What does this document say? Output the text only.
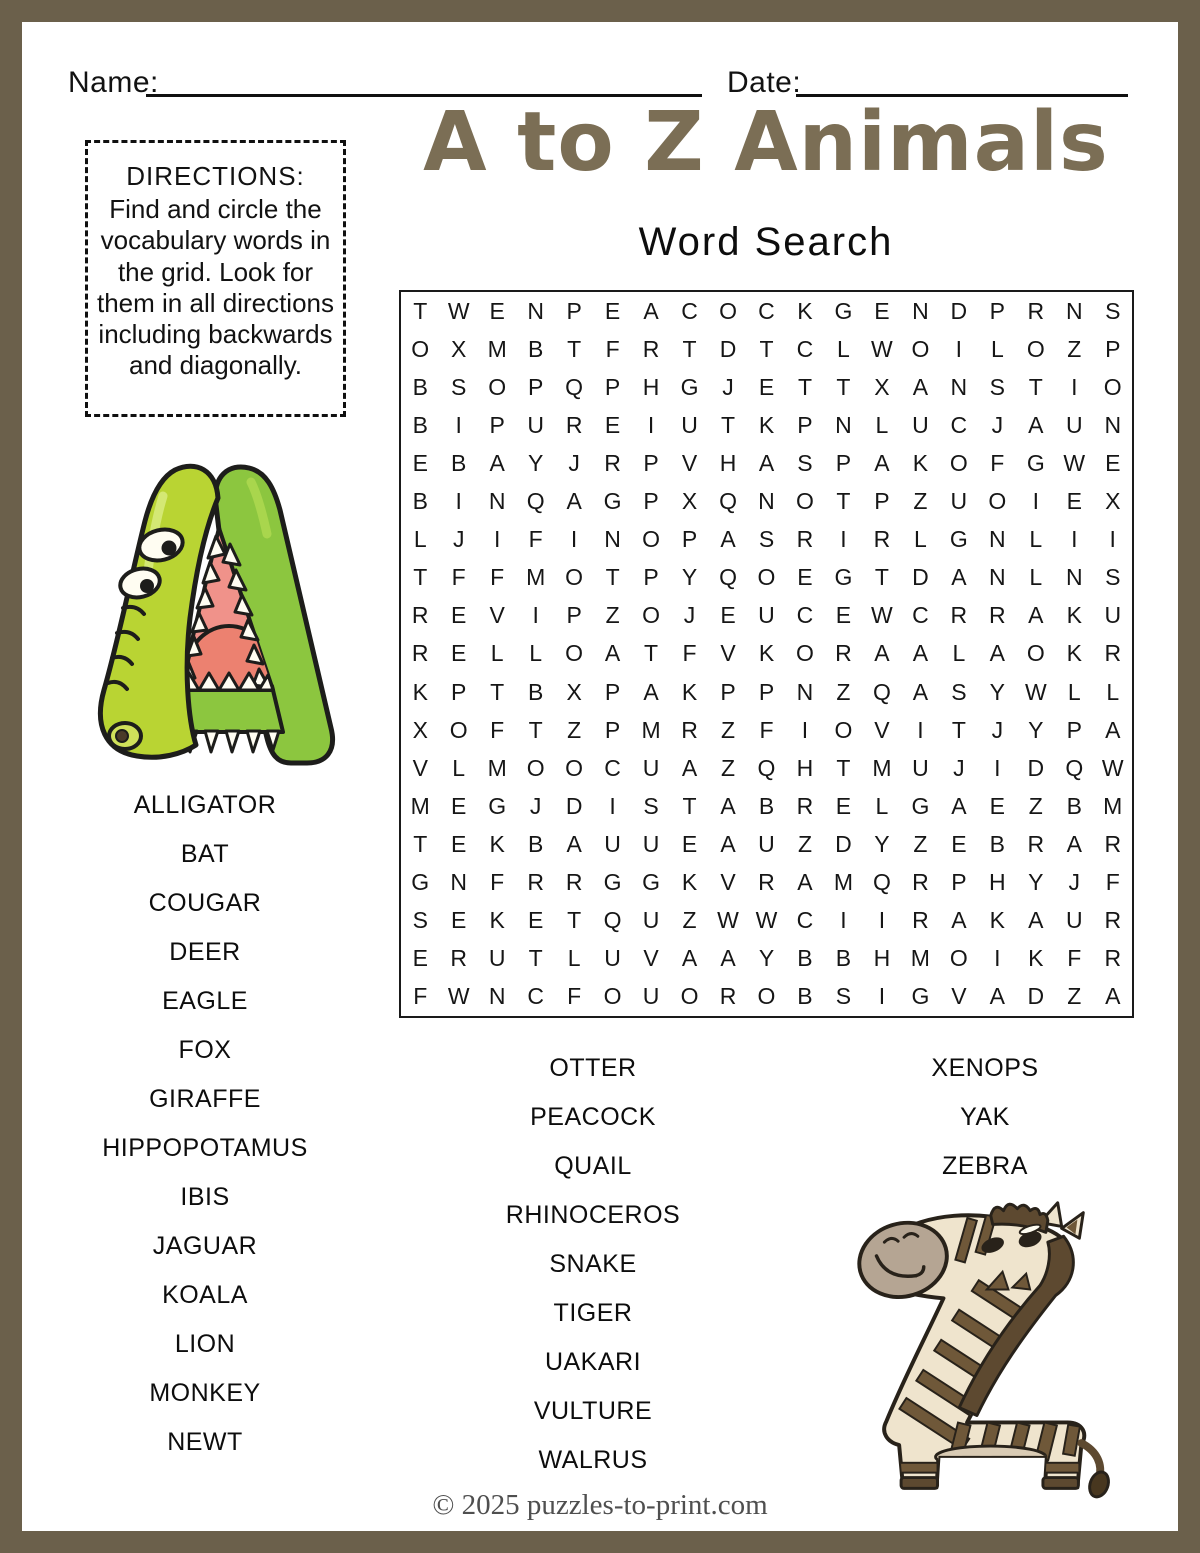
Name:	Date:
A to Z Animals
Word Search
DIRECTIONS:
Find and circle the vocabulary words in the grid. Look for them in all directions including backwards and diagonally.
T W E N P	E	A C O C K G E N D P R N S
O X M B	T	F	R	T	D	T	C	L W O	I	L	O Z	P
B	S O P Q P H G	J	E	T	T	X	A N S	T	I	O
B	I	P U R E	I	U	T	K	P N	L	U C	J	A U N
E	B	A	Y	J	R P	V H A	S	P	A	K O F G W E
B	I	N Q A G P	X Q N O T	P	Z	U O	I	E	X
L	J	I	F	I	N O P	A	S R	I	R	L	G N	L	I	I
T	F	F M O T	P	Y Q O E G T	D A N	L	N S
R E	V	I	P	Z O	J	E U C E W C R R A	K U
R E	L	L	O A	T	F	V	K O R A	A	L	A O K R
K	P	T	B	X	P	A	K	P	P N	Z Q A	S	Y W L	L
X O F	T	Z	P M R	Z	F	I	O V	I	T	J	Y	P	A
V	L M O O C U A	Z Q H	T M U	J	I	D Q W
M E G	J	D	I	S	T	A	B R E	L	G A	E	Z	B M
T	E	K	B	A U U E	A U	Z	D Y	Z	E	B R A R
G N	F	R R G G K	V R A M Q R P H Y	J	F
S	E	K	E	T Q U	Z W W C	I	I	R A	K	A U R
E R U	T	L	U V	A	A	Y	B	B H M O	I	K	F	R
F W N C	F O U O R O B	S	I	G V	A D	Z	A
ALLIGATOR
BAT
COUGAR
DEER
EAGLE
FOX
GIRAFFE
HIPPOPOTAMUS
IBIS
JAGUAR
KOALA
LION
MONKEY
NEWT
OTTER
PEACOCK
QUAIL
RHINOCEROS
SNAKE
TIGER
UAKARI
VULTURE
WALRUS
XENOPS
YAK
ZEBRA
© 2025 puzzles-to-print.com
